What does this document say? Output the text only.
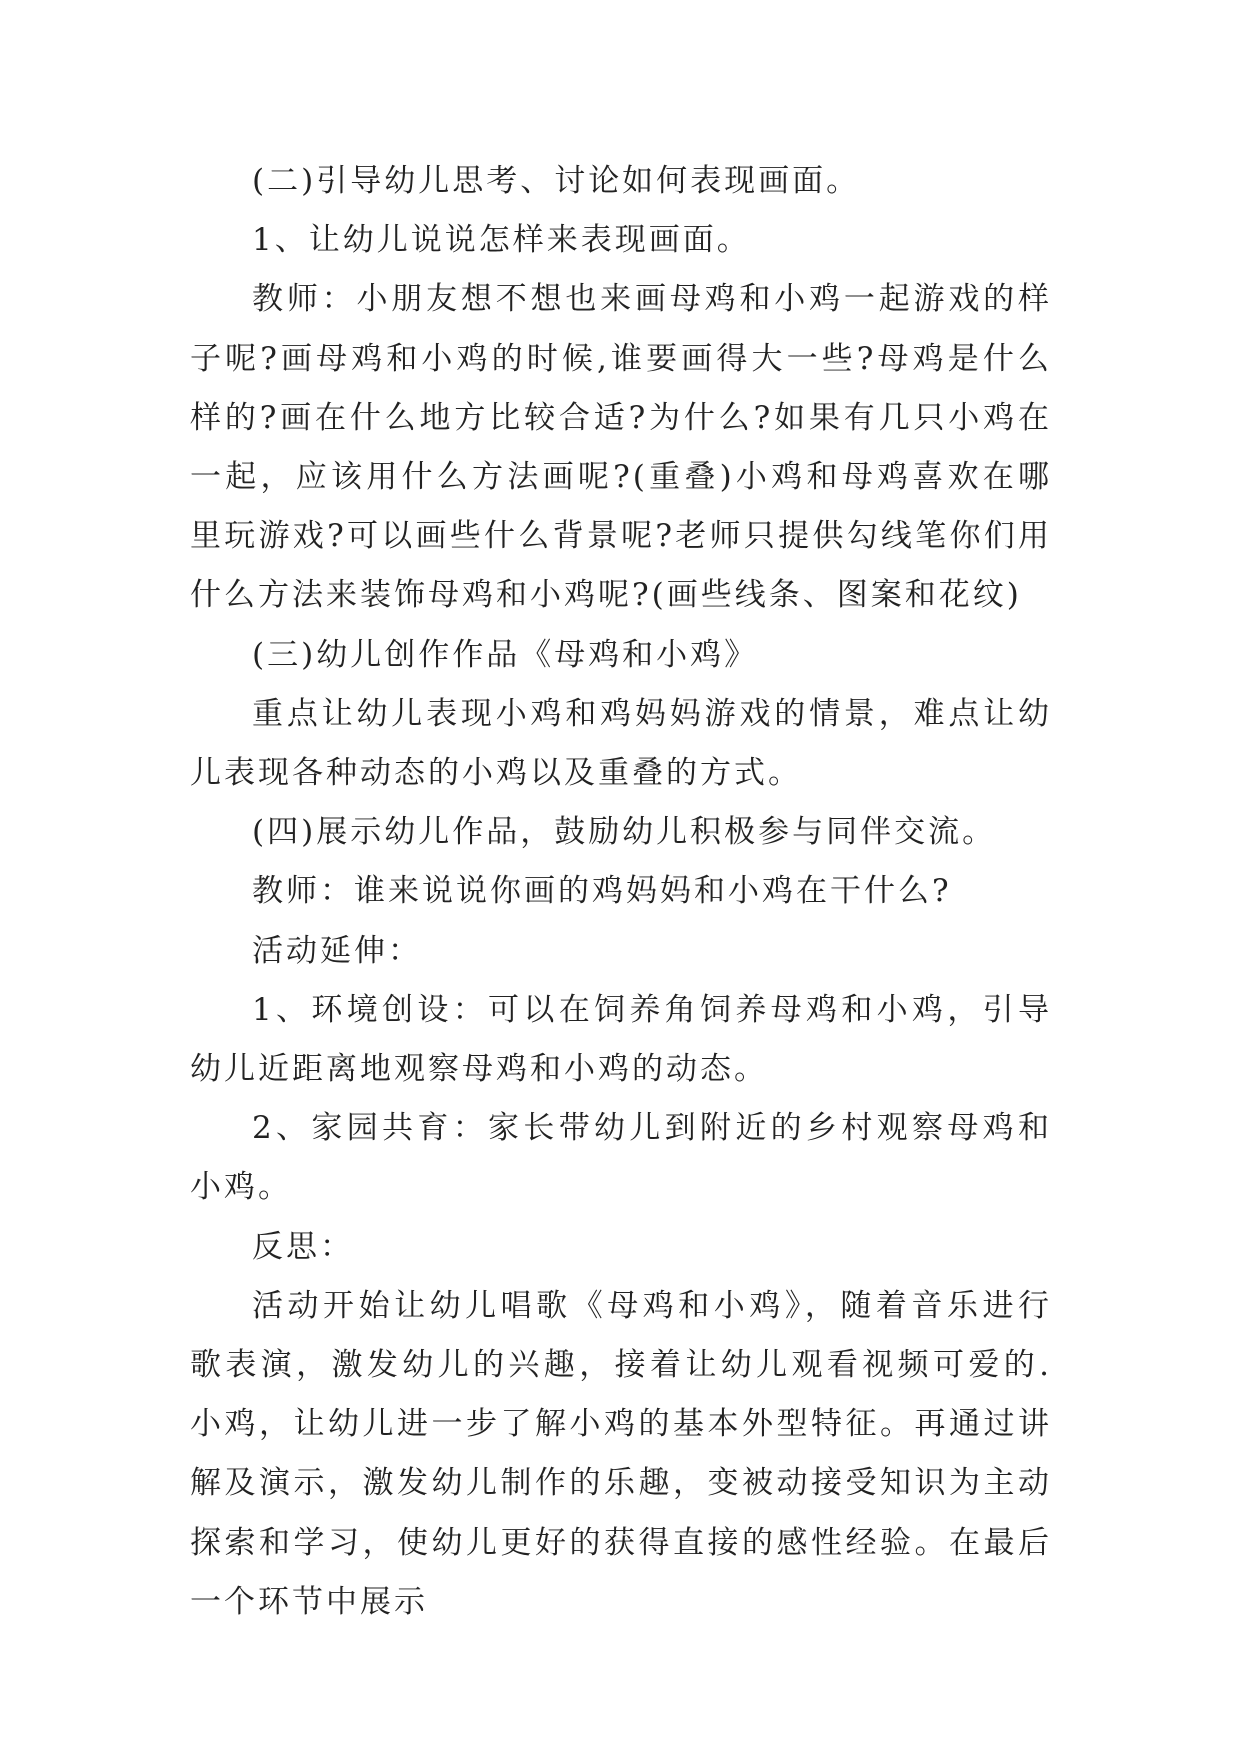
(二)引导幼儿思考、讨论如何表现画面。

1、让幼儿说说怎样来表现画面。

教师：小朋友想不想也来画母鸡和小鸡一起游戏的样子呢?画母鸡和小鸡的时候,谁要画得大一些?母鸡是什么样的?画在什么地方比较合适?为什么?如果有几只小鸡在一起，应该用什么方法画呢?(重叠)小鸡和母鸡喜欢在哪里玩游戏?可以画些什么背景呢?老师只提供勾线笔你们用什么方法来装饰母鸡和小鸡呢?(画些线条、图案和花纹)

(三)幼儿创作作品《母鸡和小鸡》

重点让幼儿表现小鸡和鸡妈妈游戏的情景，难点让幼儿表现各种动态的小鸡以及重叠的方式。

(四)展示幼儿作品，鼓励幼儿积极参与同伴交流。

教师：谁来说说你画的鸡妈妈和小鸡在干什么?

活动延伸：

1、环境创设：可以在饲养角饲养母鸡和小鸡，引导幼儿近距离地观察母鸡和小鸡的动态。

2、家园共育：家长带幼儿到附近的乡村观察母鸡和小鸡。

反思：

活动开始让幼儿唱歌《母鸡和小鸡》，随着音乐进行歌表演，激发幼儿的兴趣，接着让幼儿观看视频可爱的.小鸡，让幼儿进一步了解小鸡的基本外型特征。再通过讲解及演示，激发幼儿制作的乐趣，变被动接受知识为主动探索和学习，使幼儿更好的获得直接的感性经验。在最后一个环节中展示
